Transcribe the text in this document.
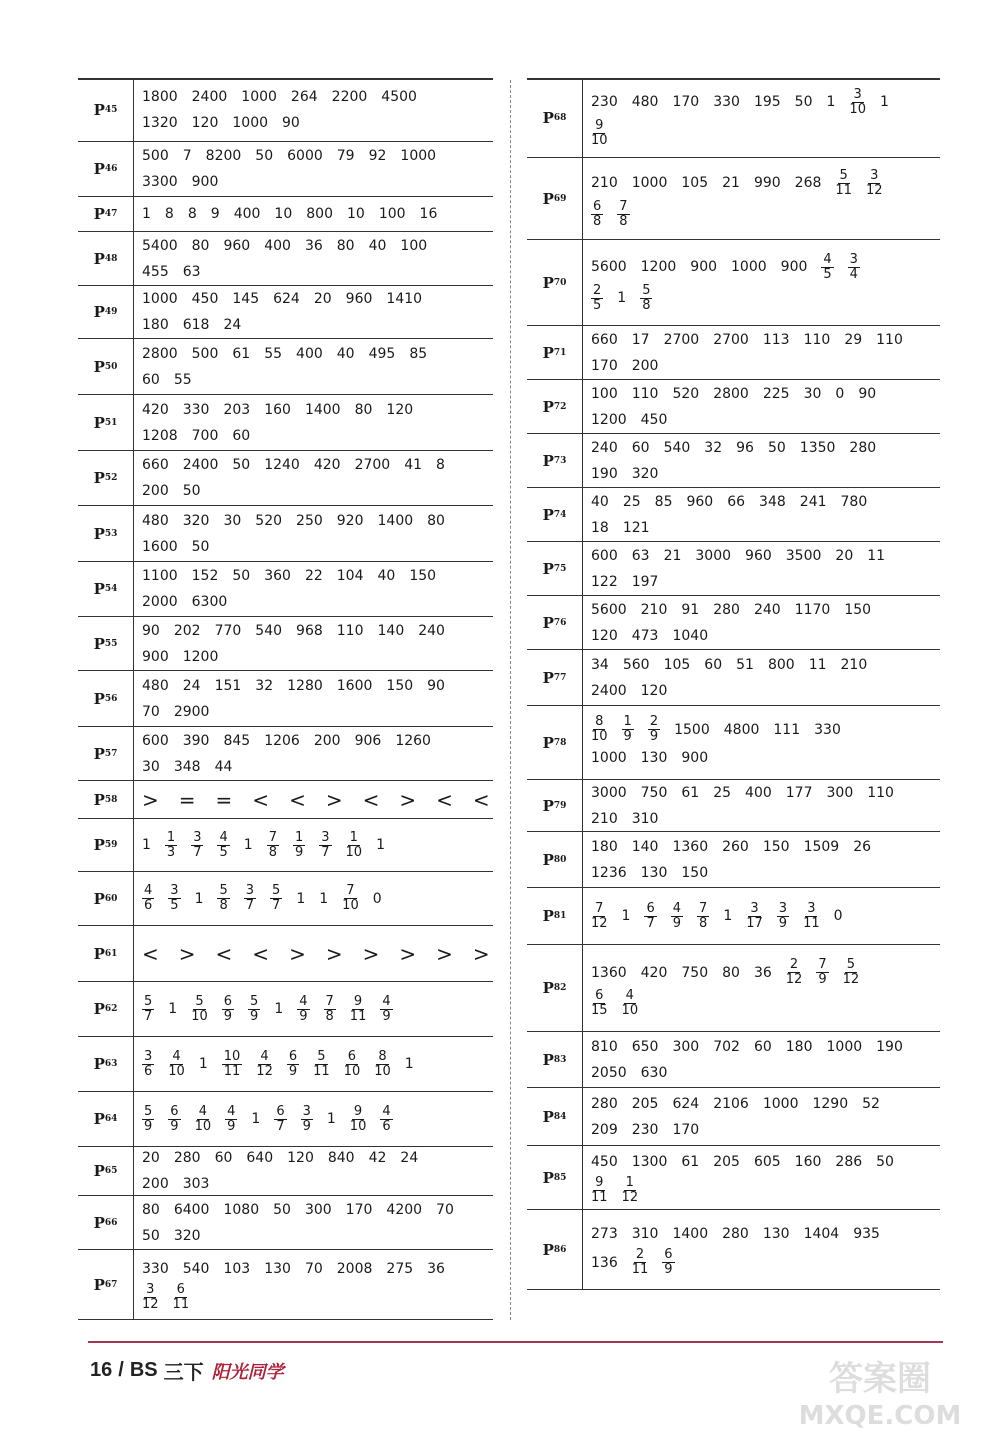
P 45
1800 2400 1000 264 2200 4500
1320 120 1000 90
P 46
500 7 8200 50 6000 79 92 1000
3300 900
P 47 1 8 8 9 400 10 800 10 100 16
P 48
5400 80 960 400 36 80 40 100
455 63
P 49
1000 450 145 624 20 960 1410
180 618 24
P 50
2800 500 61 55 400 40 495 85
60 55
P 51
420 330 203 160 1400 80 120
1208 700 60
P 52
660 2400 50 1240 420 2700 41 8
200 50
P 53
480 320 30 520 250 920 1400 80
1600 50
P 54
1100 152 50 360 22 104 40 150
2000 6300
P 55
90 202 770 540 968 110 140 240
900 1200
P 56
480 24 151 32 1280 1600 150 90
70 2900
P 57
600 390 845 1206 200 906 1260
30 348 44
P 58 > = = < < > < > < <
P 59 $1 \frac{1}{3} \frac{3}{7} \frac{4}{5} 1 \frac{7}{8} \frac{1}{9} \frac{3}{7} \frac{1}{10} 1$
P $60 \frac{4}{6} \frac{3}{5} 1 \frac{5}{8} \frac{3}{7} \frac{5}{7} 1$ $1 \frac{7}{10} 0$
P 61 < > < < > > > > > >
P $62 \frac{5}{7} 1 \frac{5}{10} \frac{6}{9} \frac{5}{9} 1 \frac{4}{9} \frac{7}{8} \frac{9}{11} \frac{4}{9}$
P $63 \frac{3}{6} \frac{4}{10} 1 \frac{10}{11} \frac{4}{12} \frac{6}{9} \frac{5}{11} \frac{6}{10} \frac{8}{10} 1$
P $64 \frac{5}{9} \frac{6}{9} \frac{4}{10} \frac{4}{9} 1 \frac{6}{7} \frac{3}{9} 1 \frac{9}{10} \frac{4}{6}$
P 65
20 280 60 640 120 840 42 24
200 303
P 66
80 6400 1080 50 300 170 4200 70
50 320
P 67
330 540 103 130 70 2008 275 36
$\frac{3}{12} \frac{6}{11}$
P 68
230 480 170 330 195 50 $1 \frac{3}{10} 1$
$\frac{9}{10}$
P 69
210 1000 105 21 990 $268 \frac{5}{11} \frac{3}{12}$
$\frac{6}{8} \frac{7}{8}$
P 70
5600 1200 900 1000 $900 \frac{4}{5} \frac{3}{4}$
$\frac{2}{5} 1 \frac{5}{8}$
P 71
660 17 2700 2700 113 110 29 110
170 200
P 72
100 110 520 2800 225 30 0 90
1200 450
P 73
240 60 540 32 96 50 1350 280
190 320
P 74
40 25 85 960 66 348 241 780
18 121
P 75
600 63 21 3000 960 3500 20 11
122 197
P 76
5600 210 91 280 240 1170 150
120 473 1040
P 77
34 560 105 60 51 800 11 210
2400 120
P $78 \frac{8}{10} \frac{1}{9} \frac{2}{9} 1500$ 4800 111 330
1000 130 900
P 79
3000 750 61 25 400 177 300 110
210 310
P 80
180 140 1360 260 150 1509 26
1236 130 150
P $81 \frac{7}{12} 1 \frac{6}{7} \frac{4}{9} \frac{7}{8} 1 \frac{3}{17} \frac{3}{9} \frac{3}{11} 0$
P 82
1360 420 750 80 $36 \frac{2}{12} \frac{7}{9} \frac{5}{12}$
$\frac{6}{15} \frac{4}{10}$
P 83
810 650 300 702 60 180 1000 190
2050 630
P 84
280 205 624 2106 1000 1290 52
209 230 170
P 85
450 1300 61 205 605 160 286 50
$\frac{9}{11} \frac{1}{12}$
P 86
273 310 1400 280 130 1404 935
$136 \frac{2}{11} \frac{6}{9}$
16 / BS 三下 阳光同学	答案圈
MXQE.COM
